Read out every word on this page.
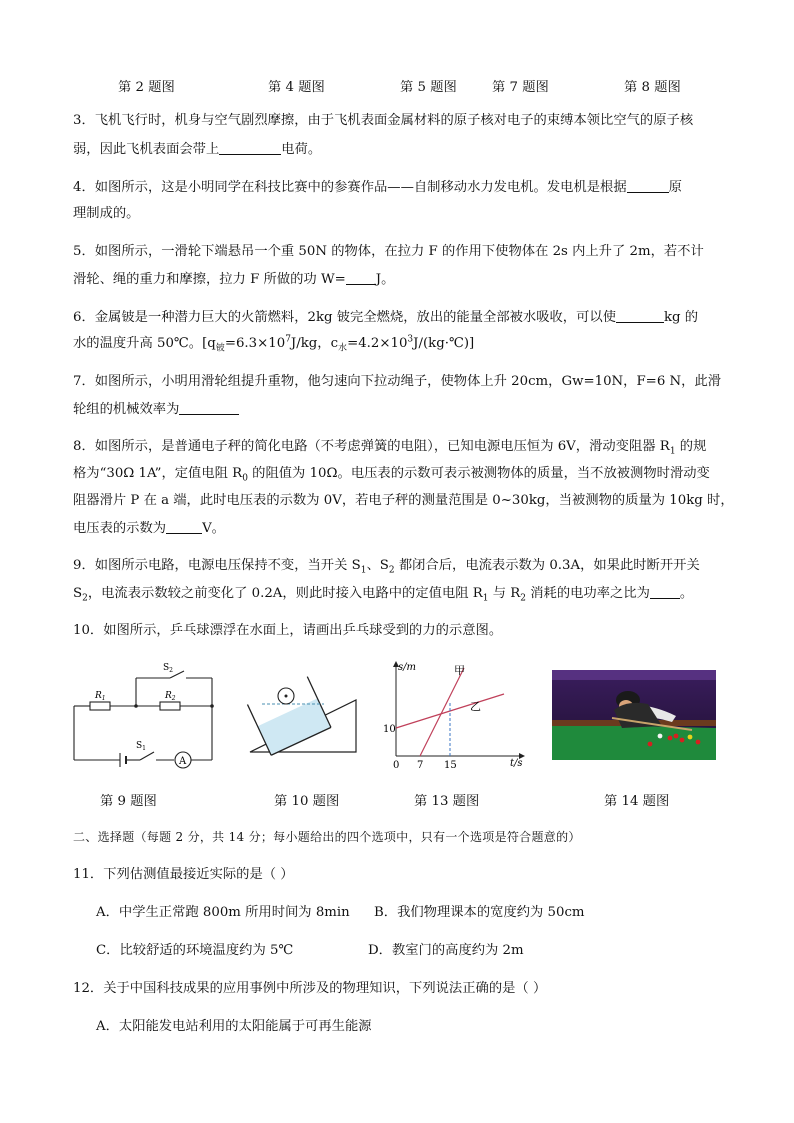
第 2 题图	第 4 题图	第 5 题图	第 7 题图	第 8 题图
3．飞机飞行时，机身与空气剧烈摩擦，由于飞机表面金属材料的原子核对电子的束缚本领比空气的原子核
弱，因此飞机表面会带上	电荷。
4．如图所示，这是小明同学在科技比赛中的参赛作品——自制移动水力发电机。发电机是根据	原
理制成的。
5．如图所示，一滑轮下端悬吊一个重 50N 的物体，在拉力 F 的作用下使物体在 2s 内上升了 2m，若不计
滑轮、绳的重力和摩擦，拉力 F 所做的功 W= J。
6．金属铍是一种潜力巨大的火箭燃料，2kg 铍完全燃烧，放出的能量全部被水吸收，可以使	kg 的
水的温度升高 50℃。[$q_铍=6.3\times 10^7J/kg$，$c_水=4.2\times 10^3J/(kg\cdot℃)$]
7．如图所示，小明用滑轮组提升重物，他匀速向下拉动绳子，使物体上升 20cm，Gw=10N，F=6 N，此滑
轮组的机械效率为
8．如图所示，是普通电子秤的简化电路（不考虑弹簧的电阻），已知电源电压恒为 6V，滑动变阻器 $R_1$ 的规
格为“30Ω 1A”，定值电阻 $R_0$ 的阻值为 10Ω。电压表的示数可表示被测物体的质量，当不放被测物时滑动变
阻器滑片 P 在 a 端，此时电压表的示数为 0V，若电子秤的测量范围是 0~30kg，当被测物的质量为 10kg 时，
电压表的示数为	V。
9．如图所示电路，电源电压保持不变，当开关 $S_1$、$S_2$ 都闭合后，电流表示数为 0.3A，如果此时断开开关
$S_2$，电流表示数较之前变化了 0.2A，则此时接入电路中的定值电阻 $R_1$ 与 $R_2$ 消耗的电功率之比为 。
10．如图所示，乒乓球漂浮在水面上，请画出乒乓球受到的力的示意图。
$S_2$
$R_1$	$R_2$
$S_1$
A
s/m
t/s
甲
乙
10
0 7 15
第 9 题图	第 10 题图	第 13 题图	第 14 题图
二、选择题（每题 2 分，共 14 分；每小题给出的四个选项中，只有一个选项是符合题意的）
11．下列估测值最接近实际的是（ ）
A．中学生正常跑 800m 所用时间为 8min B．我们物理课本的宽度约为 50cm
C．比较舒适的环境温度约为 5℃	D．教室门的高度约为 2m
12．关于中国科技成果的应用事例中所涉及的物理知识，下列说法正确的是（ ）
A．太阳能发电站利用的太阳能属于可再生能源
